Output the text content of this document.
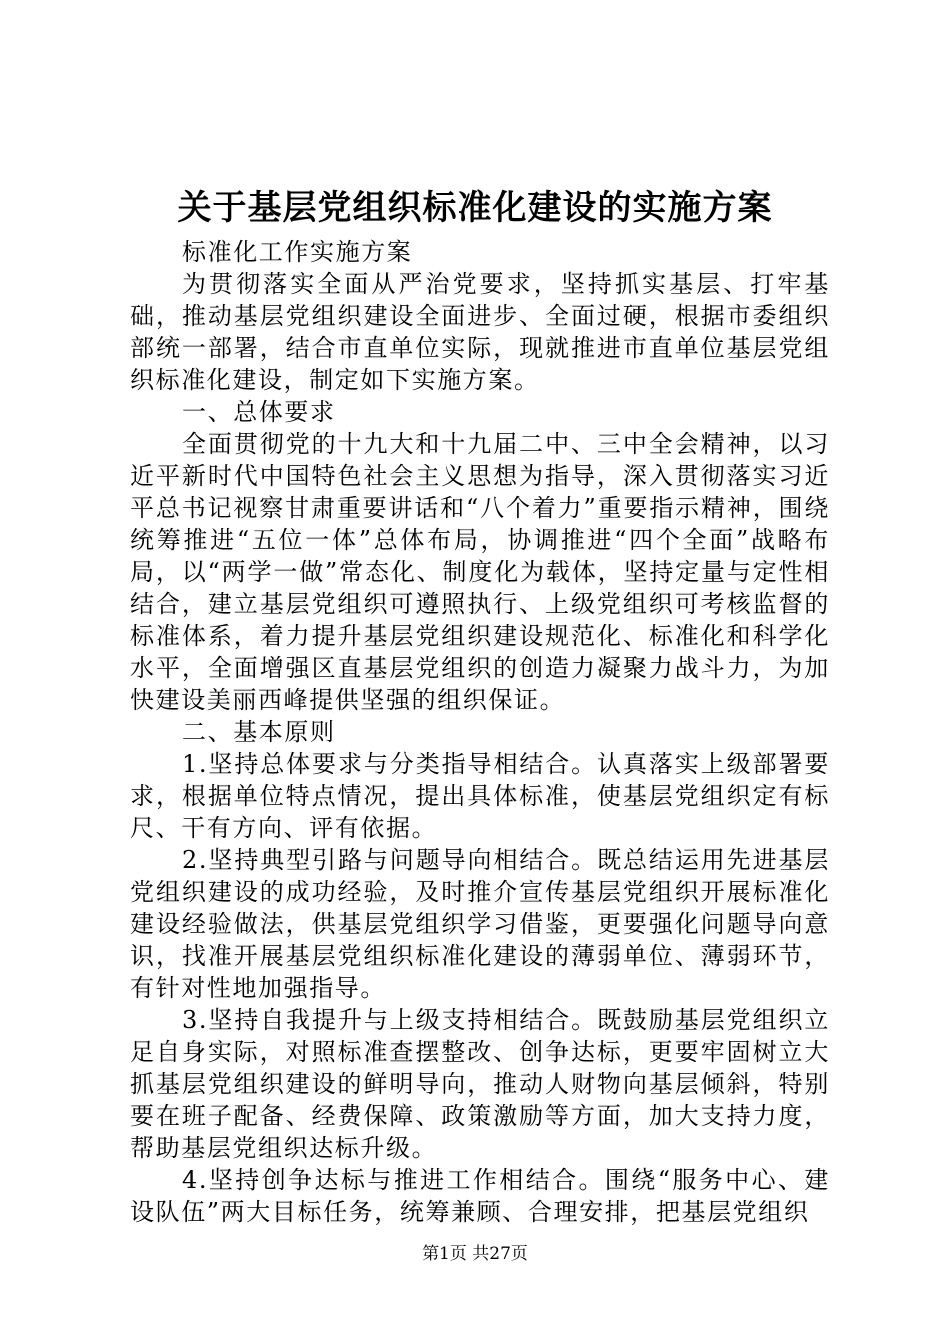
关于基层党组织标准化建设的实施方案

标准化工作实施方案

为贯彻落实全面从严治党要求，坚持抓实基层、打牢基础，推动基层党组织建设全面进步、全面过硬，根据市委组织部统一部署，结合市直单位实际，现就推进市直单位基层党组织标准化建设，制定如下实施方案。

一、总体要求

全面贯彻党的十九大和十九届二中、三中全会精神，以习近平新时代中国特色社会主义思想为指导，深入贯彻落实习近平总书记视察甘肃重要讲话和“八个着力”重要指示精神，围绕统筹推进“五位一体”总体布局，协调推进“四个全面”战略布局，以“两学一做”常态化、制度化为载体，坚持定量与定性相结合，建立基层党组织可遵照执行、上级党组织可考核监督的标准体系，着力提升基层党组织建设规范化、标准化和科学化水平，全面增强区直基层党组织的创造力凝聚力战斗力，为加快建设美丽西峰提供坚强的组织保证。

二、基本原则

1.坚持总体要求与分类指导相结合。认真落实上级部署要求，根据单位特点情况，提出具体标准，使基层党组织定有标尺、干有方向、评有依据。

2.坚持典型引路与问题导向相结合。既总结运用先进基层党组织建设的成功经验，及时推介宣传基层党组织开展标准化建设经验做法，供基层党组织学习借鉴，更要强化问题导向意识，找准开展基层党组织标准化建设的薄弱单位、薄弱环节，有针对性地加强指导。

3.坚持自我提升与上级支持相结合。既鼓励基层党组织立足自身实际，对照标准查摆整改、创争达标，更要牢固树立大抓基层党组织建设的鲜明导向，推动人财物向基层倾斜，特别要在班子配备、经费保障、政策激励等方面，加大支持力度，帮助基层党组织达标升级。

4.坚持创争达标与推进工作相结合。围绕“服务中心、建设队伍”两大目标任务，统筹兼顾、合理安排，把基层党组织

第1页 共27页
